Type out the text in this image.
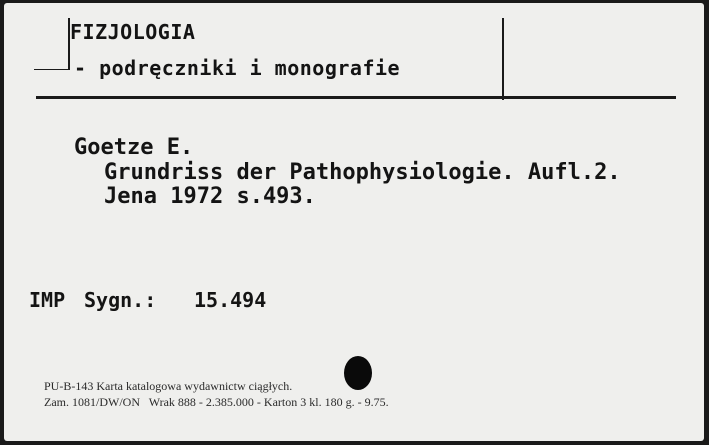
FIZJOLOGIA
- podręczniki i monografie
Goetze E.
Grundriss der Pathophysiologie. Aufl.2.
Jena 1972 s.493.
IMP Sygn.: 15.494
PU-B-143 Karta katalogowa wydawnictw ciągłych.
Zam. 1081/DW/ON   Wrak 888 - 2.385.000 - Karton 3 kl. 180 g. - 9.75.
